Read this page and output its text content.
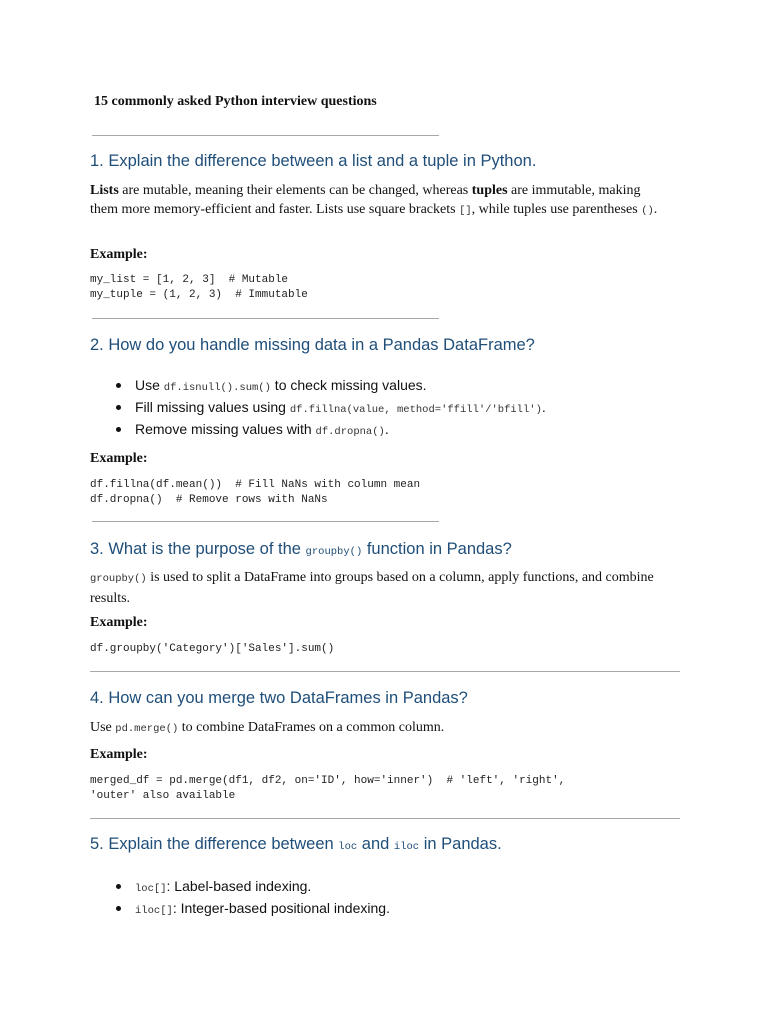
15 commonly asked Python interview questions

1. Explain the difference between a list and a tuple in Python.

Lists are mutable, meaning their elements can be changed, whereas tuples are immutable, making them more memory-efficient and faster. Lists use square brackets [], while tuples use parentheses ().

Example:

my_list = [1, 2, 3]  # Mutable
my_tuple = (1, 2, 3)  # Immutable
2. How do you handle missing data in a Pandas DataFrame?
Use df.isnull().sum() to check missing values.
Fill missing values using df.fillna(value, method='ffill'/'bfill').
Remove missing values with df.dropna().

Example:

df.fillna(df.mean())  # Fill NaNs with column mean
df.dropna()  # Remove rows with NaNs
3. What is the purpose of the groupby() function in Pandas?

groupby() is used to split a DataFrame into groups based on a column, apply functions, and combine results.

Example:

df.groupby('Category')['Sales'].sum()
4. How can you merge two DataFrames in Pandas?

Use pd.merge() to combine DataFrames on a common column.

Example:

merged_df = pd.merge(df1, df2, on='ID', how='inner')  # 'left', 'right',
'outer' also available
5. Explain the difference between loc and iloc in Pandas.
loc[]: Label-based indexing.
iloc[]: Integer-based positional indexing.
